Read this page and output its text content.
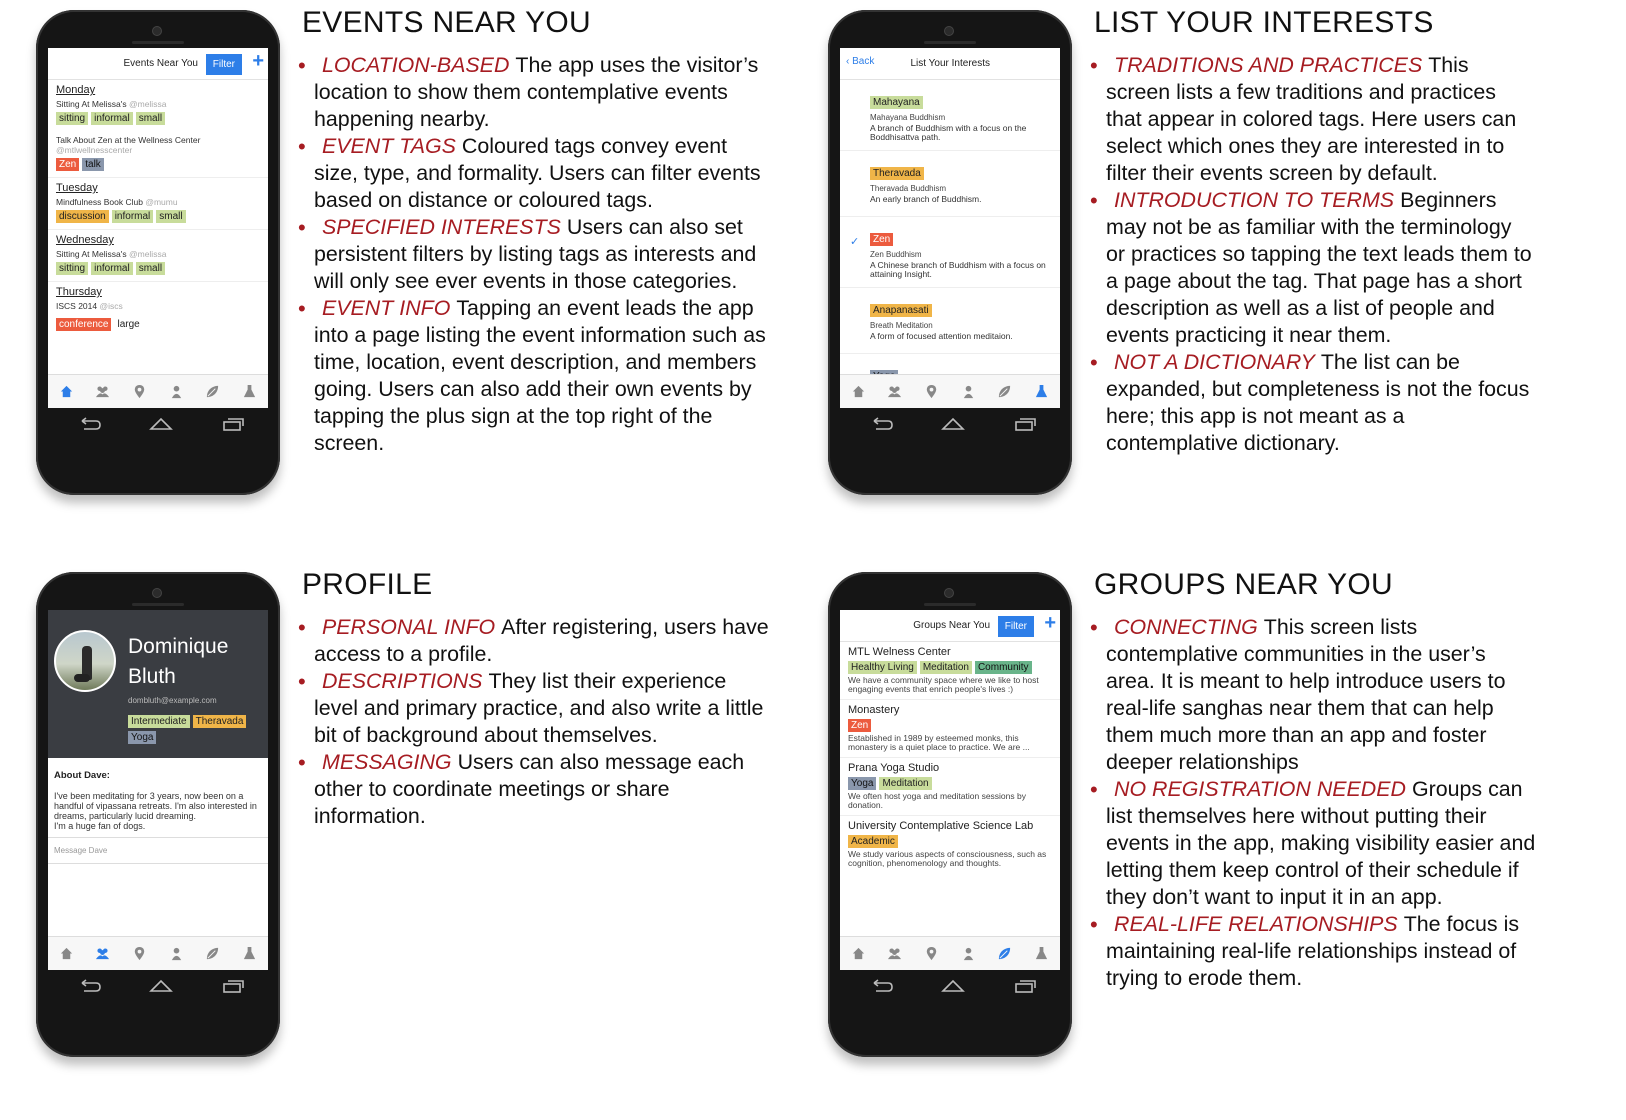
Events Near You	Filter +
Monday
Sitting At Melissa's @melissa
sitting informal small
Talk About Zen at the Wellness Center
@mtlwellnesscenter
Zen talk
Tuesday
Mindfulness Book Club @mumu
discussion informal small
Wednesday
Sitting At Melissa's @melissa
sitting informal small
Thursday
ISCS 2014 @iscs
conference large
EVENTS NEAR YOU
• LOCATION-BASED The app uses the visitor’s location to show them contemplative events happening nearby.
• EVENT TAGS Coloured tags convey event size, type, and formality. Users can filter events based on distance or coloured tags.
• SPECIFIED INTERESTS Users can also set persistent filters by listing tags as interests and will only see ever events in those categories.
• EVENT INFO Tapping an event leads the app into a page listing the event information such as time, location, event description, and members going. Users can also add their own events by tapping the plus sign at the top right of the screen.
‹ Back	List Your Interests
Mahayana
Mahayana Buddhism
A branch of Buddhism with a focus on the Boddhisattva path.
Theravada
Theravada Buddhism
An early branch of Buddhism.
✓ Zen
Zen Buddhism
A Chinese branch of Buddhism with a focus on attaining Insight.
Anapanasati
Breath Meditation
A form of focused attention meditaion.
LIST YOUR INTERESTS
• TRADITIONS AND PRACTICES This screen lists a few traditions and practices that appear in colored tags. Here users can select which ones they are interested in to filter their events screen by default.
• INTRODUCTION TO TERMS Beginners may not be as familiar with the terminology or practices so tapping the text leads them to a page about the tag. That page has a short description as well as a list of people and events practicing it near them.
• NOT A DICTIONARY The list can be expanded, but completeness is not the focus here; this app is not meant as a contemplative dictionary.
Dominique
Bluth
dombluth@example.com
Intermediate Theravada
Yoga
About Dave:
I've been meditating for 3 years, now been on a handful of vipassana retreats. I'm also interested in dreams, particularly lucid dreaming.
I'm a huge fan of dogs.
Message Dave
PROFILE
• PERSONAL INFO After registering, users have access to a profile.
• DESCRIPTIONS They list their experience level and primary practice, and also write a little bit of background about themselves.
• MESSAGING Users can also message each other to coordinate meetings or share information.
Groups Near You	Filter +
MTL Welness Center
Healthy Living Meditation Community
We have a community space where we like to host engaging events that enrich people's lives :)
Monastery
Zen
Established in 1989 by esteemed monks, this monastery is a quiet place to practice. We are ...
Prana Yoga Studio
Yoga Meditation
We often host yoga and meditation sessions by donation.
University Contemplative Science Lab
Academic
We study various aspects of consciousness, such as cognition, phenomenology and thoughts.
GROUPS NEAR YOU
• CONNECTING This screen lists contemplative communities in the user’s area. It is meant to help introduce users to real-life sanghas near them that can help them much more than an app and foster deeper relationships
• NO REGISTRATION NEEDED Groups can list themselves here without putting their events in the app, making visibility easier and letting them keep control of their schedule if they don’t want to input it in an app.
• REAL-LIFE RELATIONSHIPS The focus is maintaining real-life relationships instead of trying to erode them.
